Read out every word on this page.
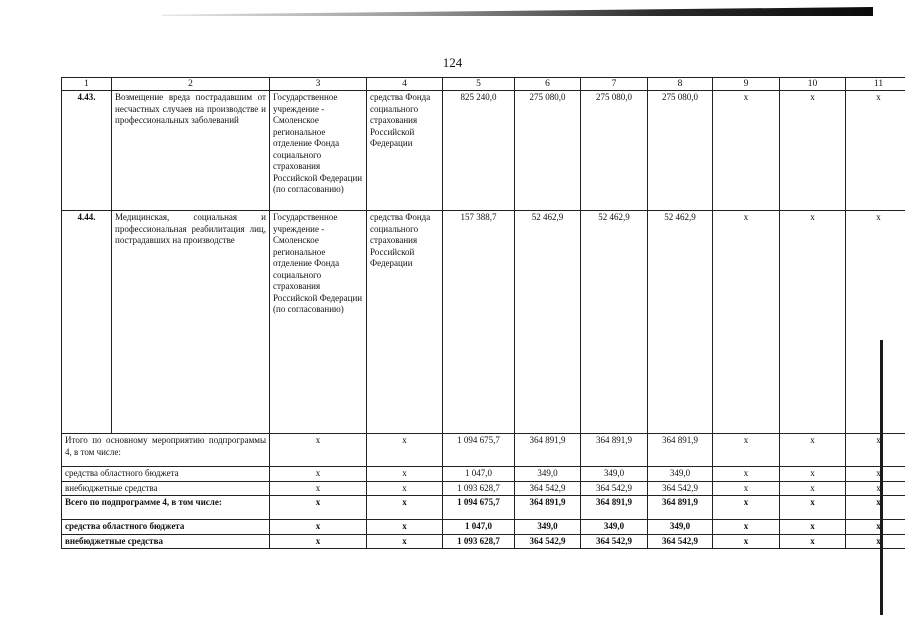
124
1	2	3	4	5	6	7	8	9	10	11
4.43.	Возмещение вреда пострадавшим от несчастных случаев на производстве и профессиональных заболеваний	Государственное учреждение - Смоленское региональное отделение Фонда социального страхования Российской Федерации (по согласованию)	средства Фонда социального страхования Российской Федерации	825 240,0	275 080,0	275 080,0	275 080,0	х	х	х
4.44.	Медицинская, социальная и профессиональная реабилитация лиц, пострадавших на производстве	Государственное учреждение - Смоленское региональное отделение Фонда социального страхования Российской Федерации (по согласованию)	средства Фонда социального страхования Российской Федерации	157 388,7	52 462,9	52 462,9	52 462,9	х	х	х
Итого по основному мероприятию подпрограммы 4, в том числе:		х	х	1 094 675,7	364 891,9	364 891,9	364 891,9	х	х	х
средства областного бюджета		х	х	1 047,0	349,0	349,0	349,0	х	х	х
внебюджетные средства		х	х	1 093 628,7	364 542,9	364 542,9	364 542,9	х	х	х
Всего по подпрограмме 4, в том числе:		х	х	1 094 675,7	364 891,9	364 891,9	364 891,9	х	х	х
средства областного бюджета		х	х	1 047,0	349,0	349,0	349,0	х	х	х
внебюджетные средства		х	х	1 093 628,7	364 542,9	364 542,9	364 542,9	х	х	х
